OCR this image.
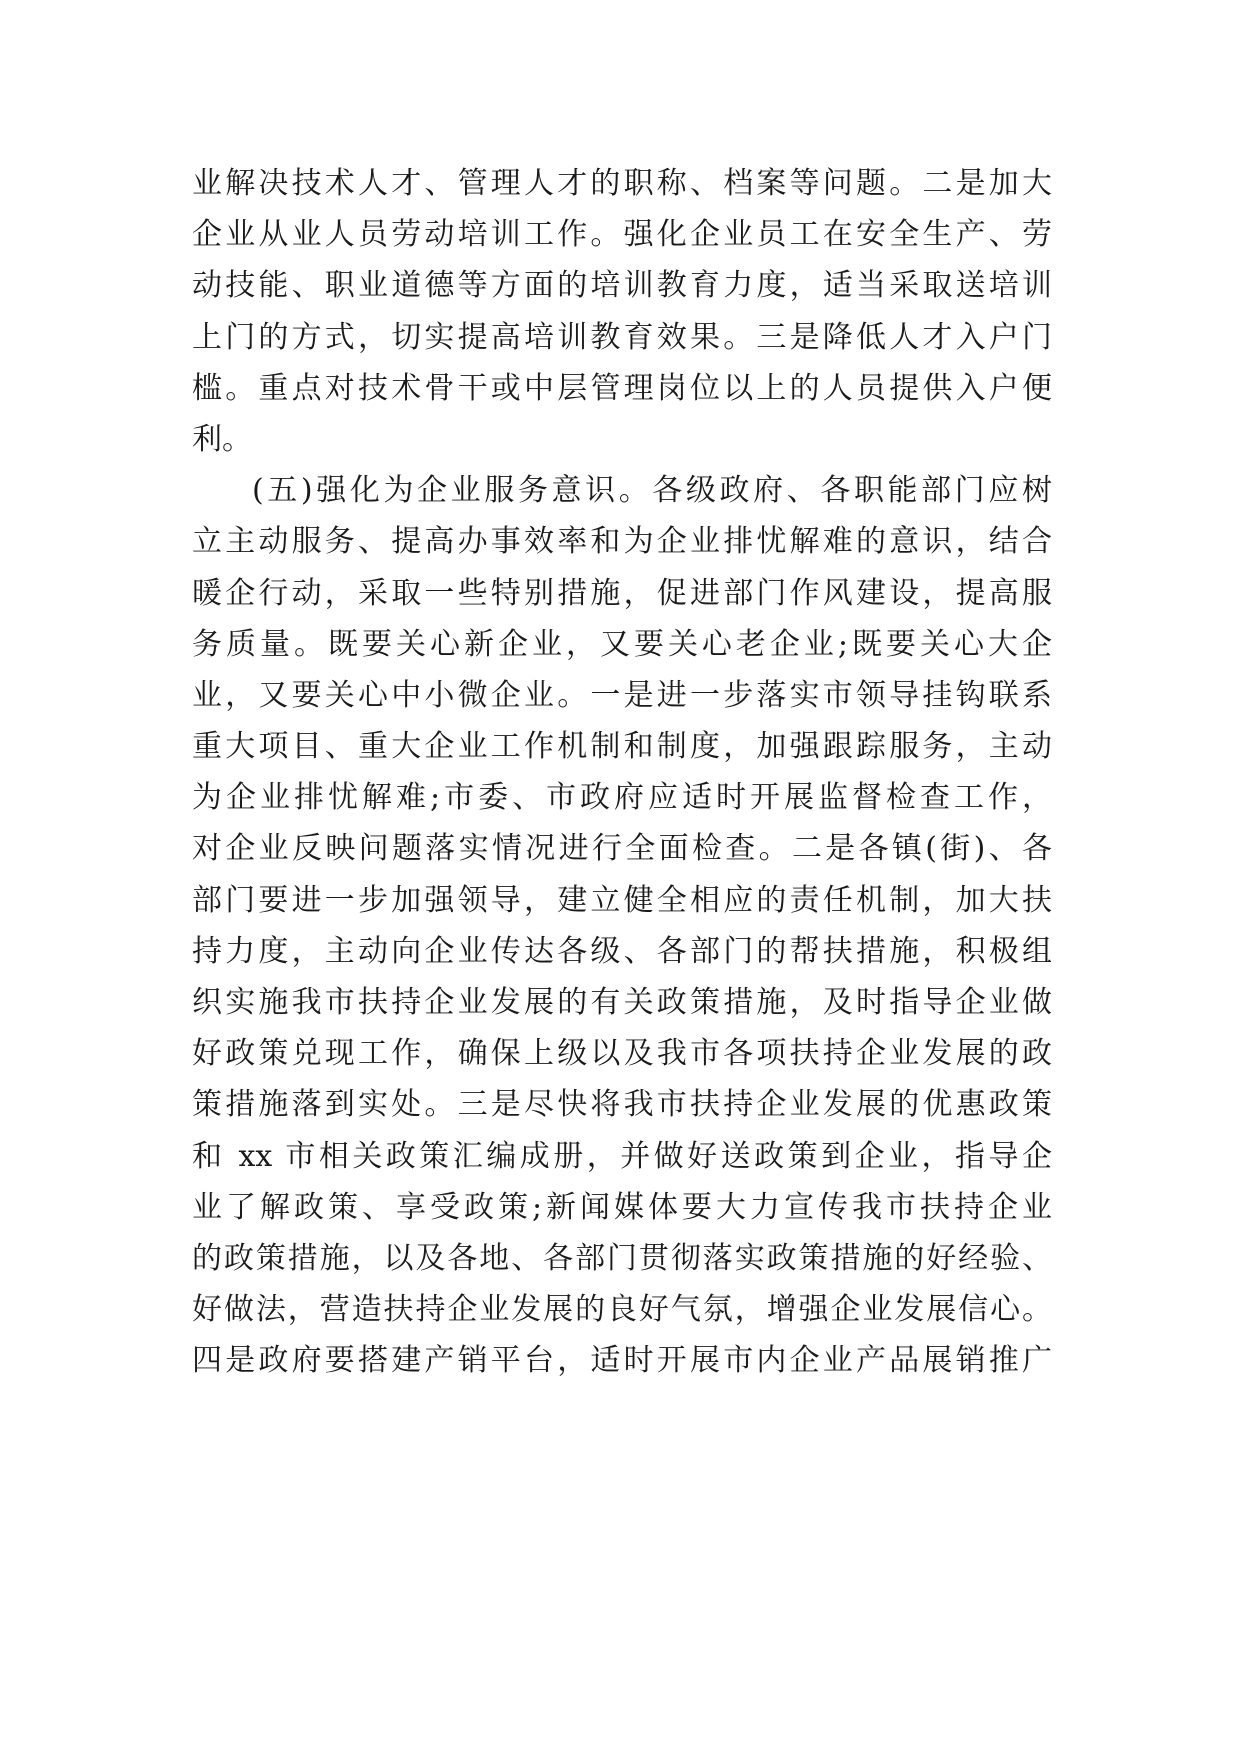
业解决技术人才、管理人才的职称、档案等问题。二是加大
企业从业人员劳动培训工作。强化企业员工在安全生产、劳
动技能、职业道德等方面的培训教育力度，适当采取送培训
上门的方式，切实提高培训教育效果。三是降低人才入户门
槛。重点对技术骨干或中层管理岗位以上的人员提供入户便
利。
(五)强化为企业服务意识。各级政府、各职能部门应树
立主动服务、提高办事效率和为企业排忧解难的意识，结合
暖企行动，采取一些特别措施，促进部门作风建设，提高服
务质量。既要关心新企业，又要关心老企业;既要关心大企
业，又要关心中小微企业。一是进一步落实市领导挂钩联系
重大项目、重大企业工作机制和制度，加强跟踪服务，主动
为企业排忧解难;市委、市政府应适时开展监督检查工作，
对企业反映问题落实情况进行全面检查。二是各镇(街)、各
部门要进一步加强领导，建立健全相应的责任机制，加大扶
持力度，主动向企业传达各级、各部门的帮扶措施，积极组
织实施我市扶持企业发展的有关政策措施，及时指导企业做
好政策兑现工作，确保上级以及我市各项扶持企业发展的政
策措施落到实处。三是尽快将我市扶持企业发展的优惠政策
和 xx 市相关政策汇编成册，并做好送政策到企业，指导企
业了解政策、享受政策;新闻媒体要大力宣传我市扶持企业
的政策措施，以及各地、各部门贯彻落实政策措施的好经验、
好做法，营造扶持企业发展的良好气氛，增强企业发展信心。
四是政府要搭建产销平台，适时开展市内企业产品展销推广
